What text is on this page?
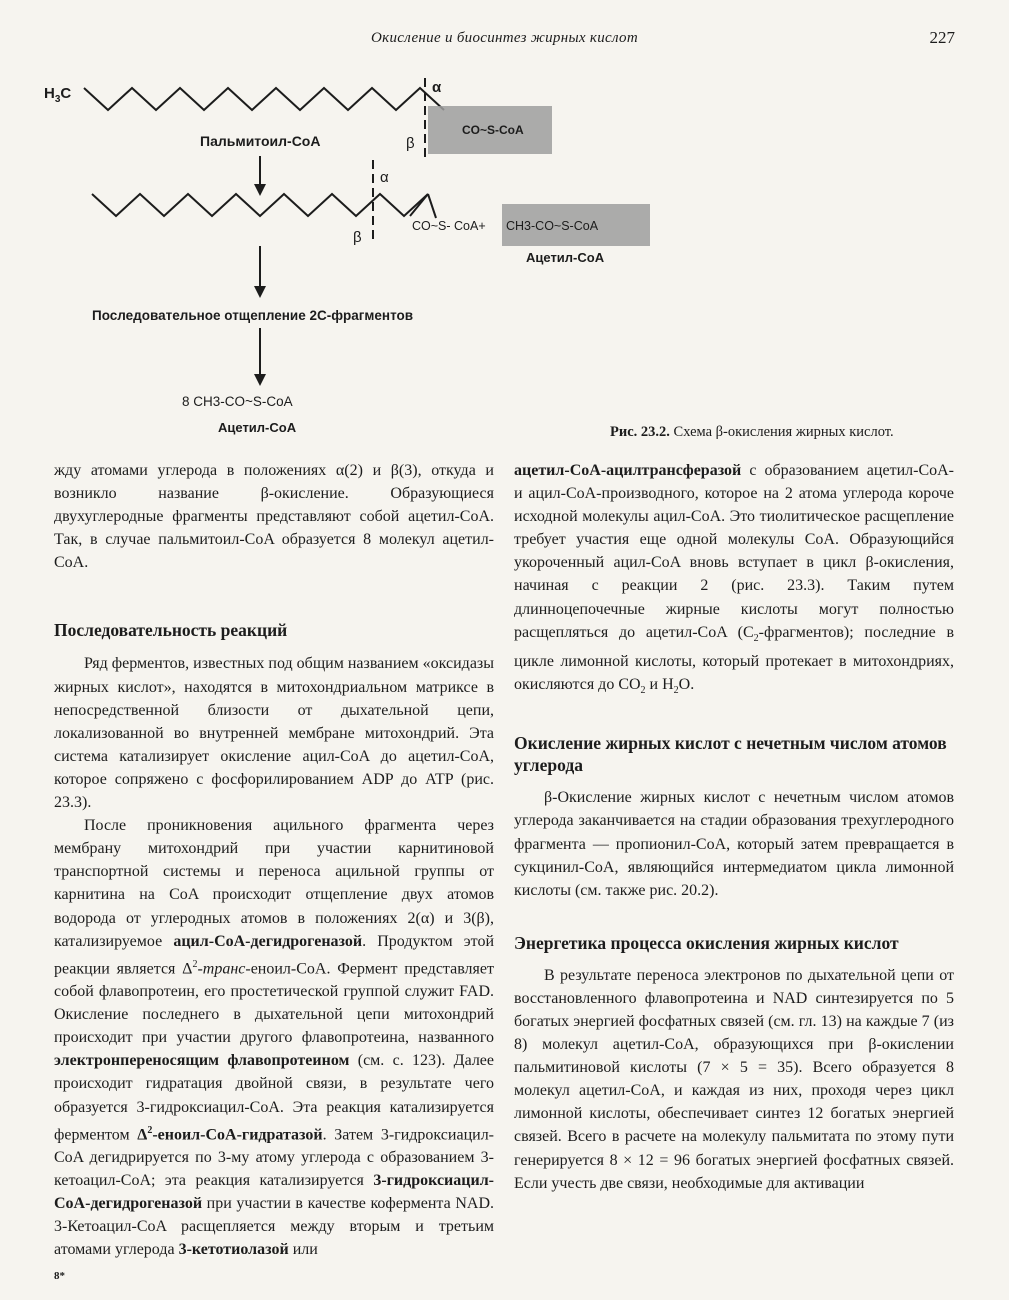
Окисление и биосинтез жирных кислот	227
$H_3C$	α
β
CO~S-CoA
Пальмитоил-CoA
α
β
CO~S- CoA+ CH3-CO~S-CoA
Ацетил-CoA
Последовательное отщепление 2С-фрагментов
8 CH3-CO~S-CoA
Ацетил-CoA	Рис. 23.2. Схема β-окисления жирных кислот.

жду атомами углерода в положениях α(2) и β(3), откуда и возникло название β-окисление. Образующиеся двухуглеродные фрагменты представляют собой ацетил-CoA. Так, в случае пальмитоил-CoA образуется 8 молекул ацетил-CoA.

Последовательность реакций

Ряд ферментов, известных под общим названием «оксидазы жирных кислот», находятся в митохондриальном матриксе в непосредственной близости от дыхательной цепи, локализованной во внутренней мембране митохондрий. Эта система катализирует окисление ацил-CoA до ацетил-CoA, которое сопряжено с фосфорилированием ADP до ATP (рис. 23.3).

После проникновения ацильного фрагмента через мембрану митохондрий при участии карнитиновой транспортной системы и переноса ацильной группы от карнитина на CoA происходит отщепление двух атомов водорода от углеродных атомов в положениях 2(α) и 3(β), катализируемое ацил-CoA-дегидрогеназой. Продуктом этой реакции является $\Delta^2-транс-еноил$-CoA. Фермент представляет собой флавопротеин, его простетической группой служит FAD. Окисление последнего в дыхательной цепи митохондрий происходит при участии другого флавопротеина, названного электронпереносящим флавопротеином (см. с. 123). Далее происходит гидратация двойной связи, в результате чего образуется 3-гидроксиацил-CoA. Эта реакция катализируется ферментом $\Delta^2-еноил-CoA$-гидратазой. Затем 3-гидроксиацил-CoA дегидрируется по 3-му атому углерода с образованием 3-кетоацил-CoA; эта реакция катализируется 3-гидроксиацил-CoA-дегидрогеназой при участии в качестве кофермента NAD. 3-Кетоацил-CoA расщепляется между вторым и третьим атомами углерода 3-кетотиолазой или

ацетил-CoA-ацилтрансферазой с образованием ацетил-CoA- и ацил-CoA-производного, которое на 2 атома углерода короче исходной молекулы ацил-CoA. Это тиолитическое расщепление требует участия еще одной молекулы CoA. Образующийся укороченный ацил-CoA вновь вступает в цикл β-окисления, начиная с реакции 2 (рис. 23.3). Таким путем длинноцепочечные жирные кислоты могут полностью расщепляться до ацетил-CoA $(C_2-фрагментов)$; последние в цикле лимонной кислоты, который протекает в митохондриях, окисляются до $CO_2$ и $H_2O$.

Окисление жирных кислот с нечетным числом атомов углерода

β-Окисление жирных кислот с нечетным числом атомов углерода заканчивается на стадии образования трехуглеродного фрагмента — пропионил-CoA, который затем превращается в сукцинил-CoA, являющийся интермедиатом цикла лимонной кислоты (см. также рис. 20.2).

Энергетика процесса окисления жирных кислот

В результате переноса электронов по дыхательной цепи от восстановленного флавопротеина и NAD синтезируется по 5 богатых энергией фосфатных связей (см. гл. 13) на каждые 7 (из 8) молекул ацетил-CoA, образующихся при β-окислении пальмитиновой кислоты (7 × 5 = 35). Всего образуется 8 молекул ацетил-CoA, и каждая из них, проходя через цикл лимонной кислоты, обеспечивает синтез 12 богатых энергией связей. Всего в расчете на молекулу пальмитата по этому пути генерируется 8 × 12 = 96 богатых энергией фосфатных связей. Если учесть две связи, необходимые для активации

8*
